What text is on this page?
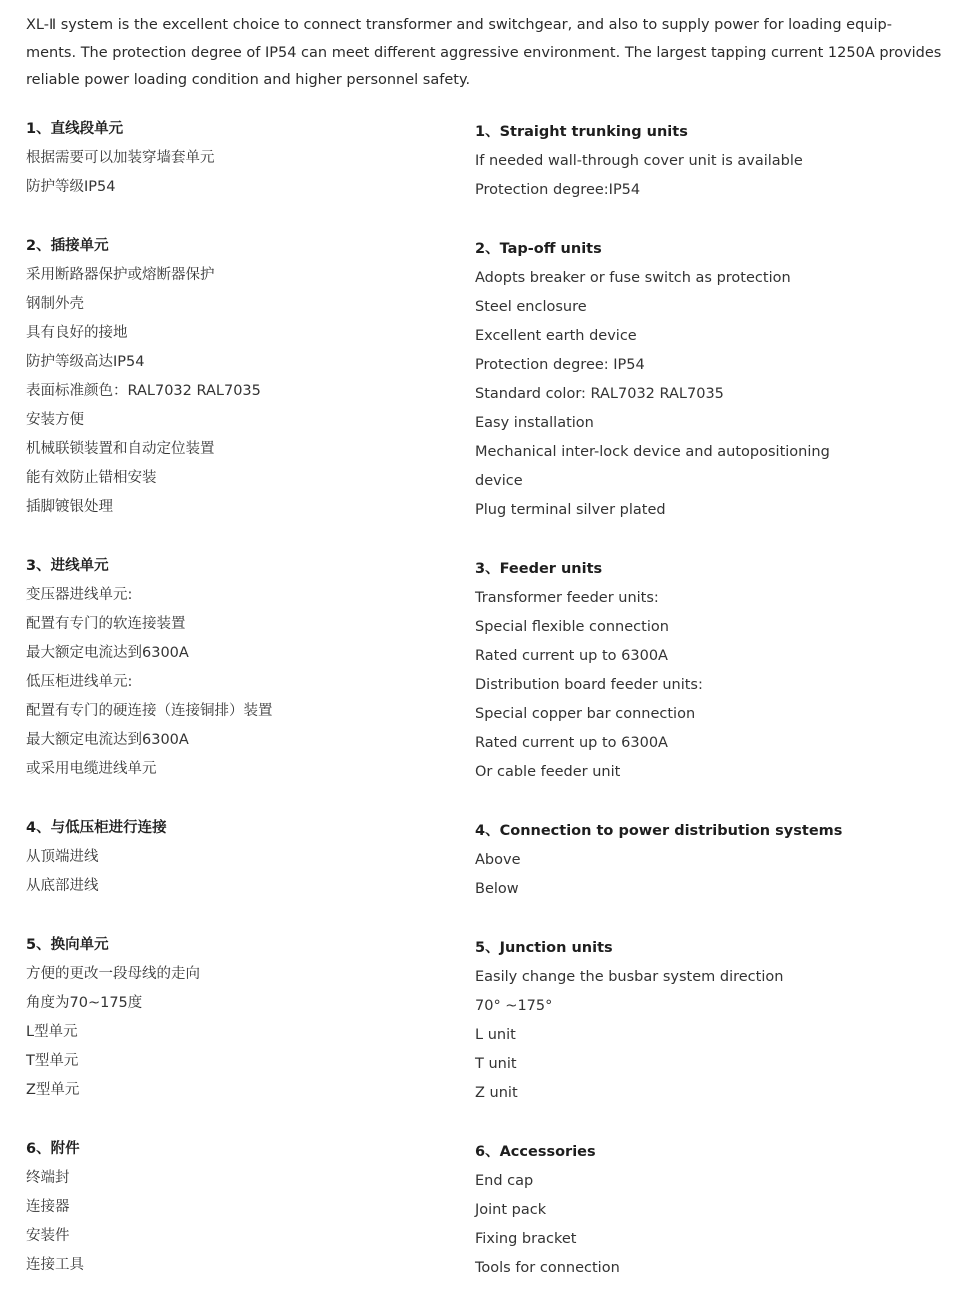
XL-Ⅱ system is the excellent choice to connect transformer and switchgear, and also to supply power for loading equip-
ments. The protection degree of IP54 can meet different aggressive environment. The largest tapping current 1250A provides
reliable power loading condition and higher personnel safety.

1、直线段单元
根据需要可以加装穿墙套单元
防护等级IP54
2、插接单元
采用断路器保护或熔断器保护
钢制外壳
具有良好的接地
防护等级高达IP54
表面标准颜色：RAL7032 RAL7035
安装方便
机械联锁装置和自动定位装置
能有效防止错相安装
插脚镀银处理
3、进线单元
变压器进线单元:
配置有专门的软连接装置
最大额定电流达到6300A
低压柜进线单元:
配置有专门的硬连接（连接铜排）装置
最大额定电流达到6300A
或采用电缆进线单元
4、与低压柜进行连接
从顶端进线
从底部进线
5、换向单元
方便的更改一段母线的走向
角度为70~175度
L型单元
T型单元
Z型单元
6、附件
终端封
连接器
安装件
连接工具
1、Straight trunking units
If needed wall-through cover unit is available
Protection degree:IP54
2、Tap-off units
Adopts breaker or fuse switch as protection
Steel enclosure
Excellent earth device
Protection degree: IP54
Standard color: RAL7032 RAL7035
Easy installation
Mechanical inter-lock device and autopositioning
device
Plug terminal silver plated
3、Feeder units
Transformer feeder units:
Special flexible connection
Rated current up to 6300A
Distribution board feeder units:
Special copper bar connection
Rated current up to 6300A
Or cable feeder unit
4、Connection to power distribution systems
Above
Below
5、Junction units
Easily change the busbar system direction
70° ~175°
L unit
T unit
Z unit
6、Accessories
End cap
Joint pack
Fixing bracket
Tools for connection
